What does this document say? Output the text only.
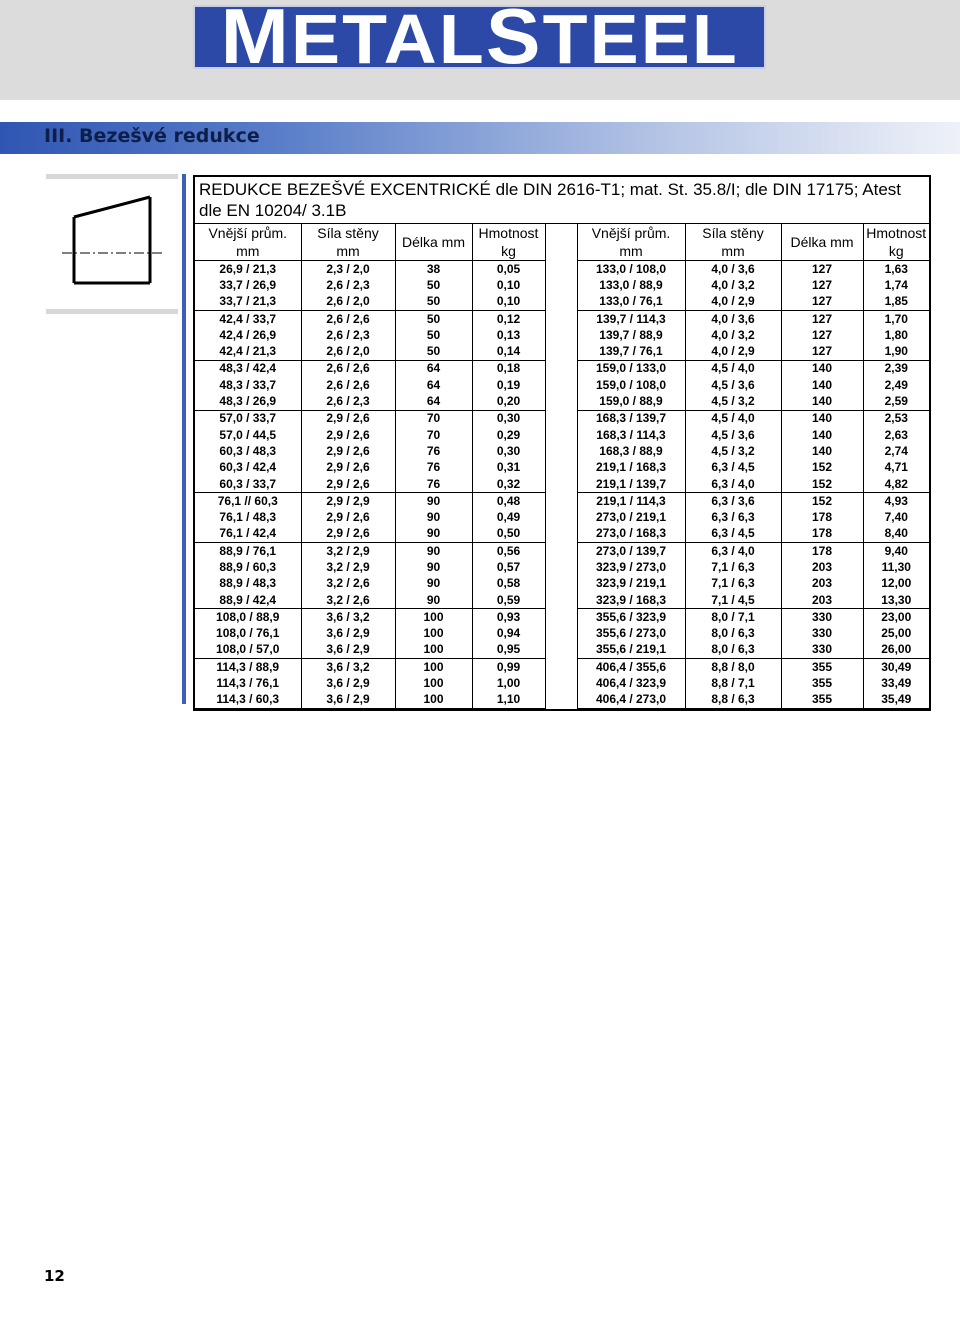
METALSTEEL
III. Bezešvé redukce
REDUKCE BEZEŠVÉ EXCENTRICKÉ dle DIN 2616-T1; mat. St. 35.8/I; dle DIN 17175; Atest dle EN 10204/ 3.1B
Vnější prům.	Síla stěny	Délka mm	Hmotnost		Vnější prům.	Síla stěny	Délka mm	Hmotnost
mm	mm		kg		mm	mm		kg
26,9 / 21,3	2,3 / 2,0	38	0,05		133,0 / 108,0	4,0 / 3,6	127	1,63
33,7 / 26,9	2,6 / 2,3	50	0,10		133,0 / 88,9	4,0 / 3,2	127	1,74
33,7 / 21,3	2,6 / 2,0	50	0,10		133,0 / 76,1	4,0 / 2,9	127	1,85
42,4 / 33,7	2,6 / 2,6	50	0,12		139,7 / 114,3	4,0 / 3,6	127	1,70
42,4 / 26,9	2,6 / 2,3	50	0,13		139,7 / 88,9	4,0 / 3,2	127	1,80
42,4 / 21,3	2,6 / 2,0	50	0,14		139,7 / 76,1	4,0 / 2,9	127	1,90
48,3 / 42,4	2,6 / 2,6	64	0,18		159,0 / 133,0	4,5 / 4,0	140	2,39
48,3 / 33,7	2,6 / 2,6	64	0,19		159,0 / 108,0	4,5 / 3,6	140	2,49
48,3 / 26,9	2,6 / 2,3	64	0,20		159,0 / 88,9	4,5 / 3,2	140	2,59
57,0 / 33,7	2,9 / 2,6	70	0,30		168,3 / 139,7	4,5 / 4,0	140	2,53
57,0 / 44,5	2,9 / 2,6	70	0,29		168,3 / 114,3	4,5 / 3,6	140	2,63
60,3 / 48,3	2,9 / 2,6	76	0,30		168,3 / 88,9	4,5 / 3,2	140	2,74
60,3 / 42,4	2,9 / 2,6	76	0,31		219,1 / 168,3	6,3 / 4,5	152	4,71
60,3 / 33,7	2,9 / 2,6	76	0,32		219,1 / 139,7	6,3 / 4,0	152	4,82
76,1 // 60,3	2,9 / 2,9	90	0,48		219,1 / 114,3	6,3 / 3,6	152	4,93
76,1 / 48,3	2,9 / 2,6	90	0,49		273,0 / 219,1	6,3 / 6,3	178	7,40
76,1 / 42,4	2,9 / 2,6	90	0,50		273,0 / 168,3	6,3 / 4,5	178	8,40
88,9 / 76,1	3,2 / 2,9	90	0,56		273,0 / 139,7	6,3 / 4,0	178	9,40
88,9 / 60,3	3,2 / 2,9	90	0,57		323,9 / 273,0	7,1 / 6,3	203	11,30
88,9 / 48,3	3,2 / 2,6	90	0,58		323,9 / 219,1	7,1 / 6,3	203	12,00
88,9 / 42,4	3,2 / 2,6	90	0,59		323,9 / 168,3	7,1 / 4,5	203	13,30
108,0 / 88,9	3,6 / 3,2	100	0,93		355,6 / 323,9	8,0 / 7,1	330	23,00
108,0 / 76,1	3,6 / 2,9	100	0,94		355,6 / 273,0	8,0 / 6,3	330	25,00
108,0 / 57,0	3,6 / 2,9	100	0,95		355,6 / 219,1	8,0 / 6,3	330	26,00
114,3 / 88,9	3,6 / 3,2	100	0,99		406,4 / 355,6	8,8 / 8,0	355	30,49
114,3 / 76,1	3,6 / 2,9	100	1,00		406,4 / 323,9	8,8 / 7,1	355	33,49
114,3 / 60,3	3,6 / 2,9	100	1,10		406,4 / 273,0	8,8 / 6,3	355	35,49
12
